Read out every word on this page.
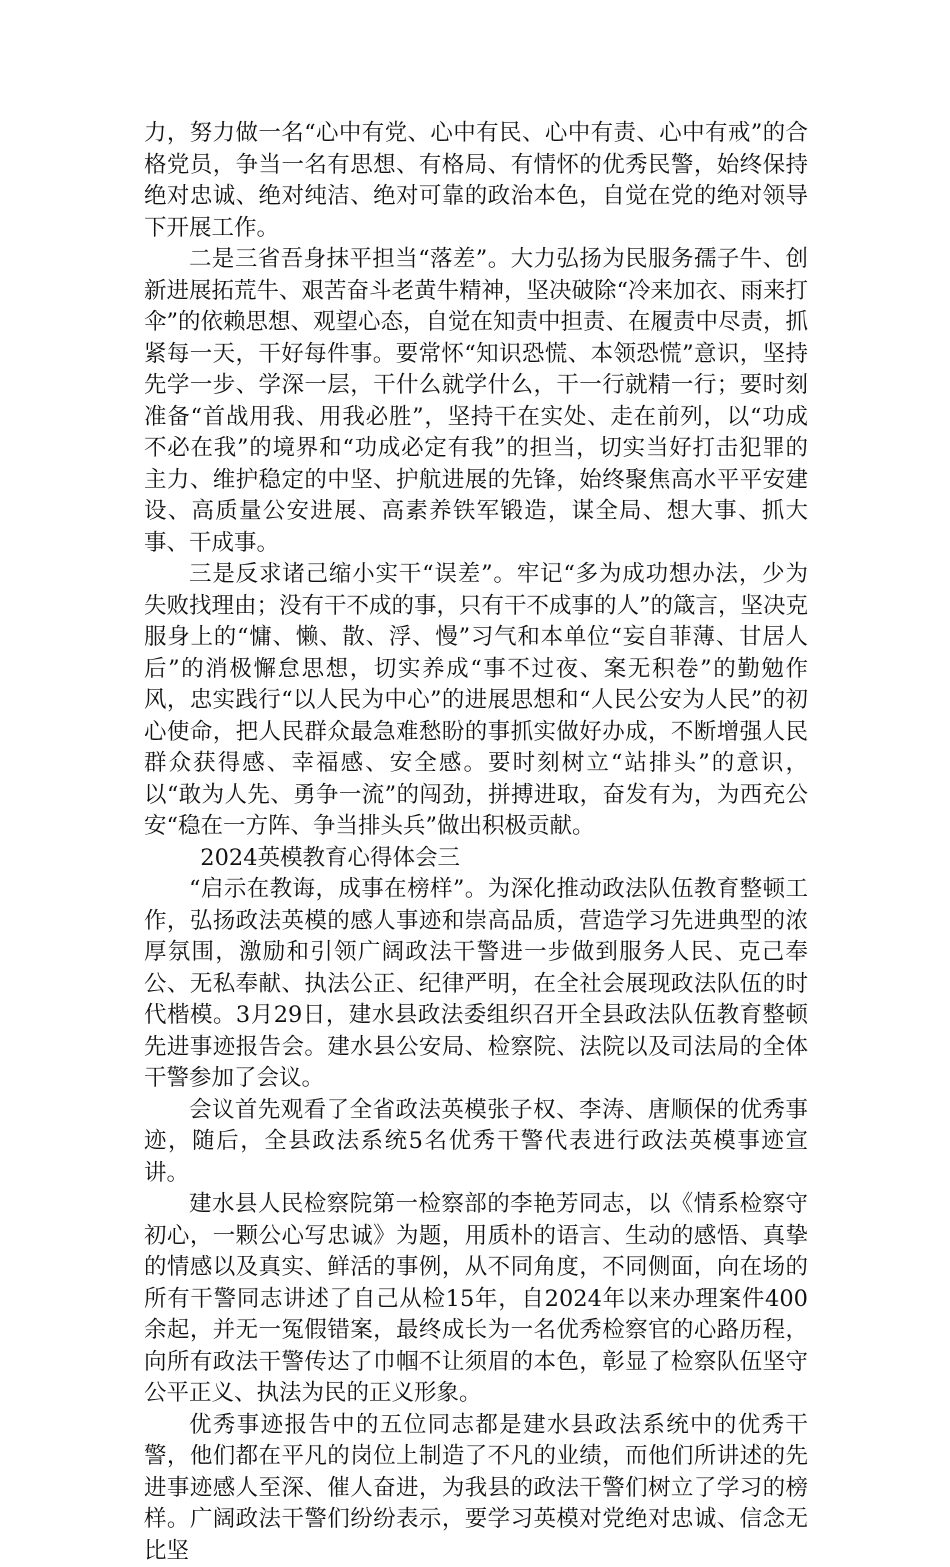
力，努力做一名“心中有党、心中有民、心中有责、心中有戒”的合格党员，争当一名有思想、有格局、有情怀的优秀民警，始终保持绝对忠诚、绝对纯洁、绝对可靠的政治本色，自觉在党的绝对领导下开展工作。

二是三省吾身抹平担当“落差”。大力弘扬为民服务孺子牛、创新进展拓荒牛、艰苦奋斗老黄牛精神，坚决破除“冷来加衣、雨来打伞”的依赖思想、观望心态，自觉在知责中担责、在履责中尽责，抓紧每一天，干好每件事。要常怀“知识恐慌、本领恐慌”意识，坚持先学一步、学深一层，干什么就学什么，干一行就精一行；要时刻准备“首战用我、用我必胜”，坚持干在实处、走在前列，以“功成不必在我”的境界和“功成必定有我”的担当，切实当好打击犯罪的主力、维护稳定的中坚、护航进展的先锋，始终聚焦高水平平安建设、高质量公安进展、高素养铁军锻造，谋全局、想大事、抓大事、干成事。

三是反求诸己缩小实干“误差”。牢记“多为成功想办法，少为失败找理由；没有干不成的事，只有干不成事的人”的箴言，坚决克服身上的“慵、懒、散、浮、慢”习气和本单位“妄自菲薄、甘居人后”的消极懈怠思想，切实养成“事不过夜、案无积卷”的勤勉作风，忠实践行“以人民为中心”的进展思想和“人民公安为人民”的初心使命，把人民群众最急难愁盼的事抓实做好办成，不断增强人民群众获得感、幸福感、安全感。要时刻树立“站排头”的意识，以“敢为人先、勇争一流”的闯劲，拼搏进取，奋发有为，为西充公安“稳在一方阵、争当排头兵”做出积极贡献。

2024英模教育心得体会三

“启示在教诲，成事在榜样”。为深化推动政法队伍教育整顿工作，弘扬政法英模的感人事迹和崇高品质，营造学习先进典型的浓厚氛围，激励和引领广阔政法干警进一步做到服务人民、克己奉公、无私奉献、执法公正、纪律严明，在全社会展现政法队伍的时代楷模。3月29日，建水县政法委组织召开全县政法队伍教育整顿先进事迹报告会。建水县公安局、检察院、法院以及司法局的全体干警参加了会议。

会议首先观看了全省政法英模张子权、李涛、唐顺保的优秀事迹，随后，全县政法系统5名优秀干警代表进行政法英模事迹宣讲。

建水县人民检察院第一检察部的李艳芳同志，以《情系检察守初心，一颗公心写忠诚》为题，用质朴的语言、生动的感悟、真挚的情感以及真实、鲜活的事例，从不同角度，不同侧面，向在场的所有干警同志讲述了自己从检15年，自2024年以来办理案件400余起，并无一冤假错案，最终成长为一名优秀检察官的心路历程，向所有政法干警传达了巾帼不让须眉的本色，彰显了检察队伍坚守公平正义、执法为民的正义形象。

优秀事迹报告中的五位同志都是建水县政法系统中的优秀干警，他们都在平凡的岗位上制造了不凡的业绩，而他们所讲述的先进事迹感人至深、催人奋进，为我县的政法干警们树立了学习的榜样。广阔政法干警们纷纷表示，要学习英模对党绝对忠诚、信念无比坚
